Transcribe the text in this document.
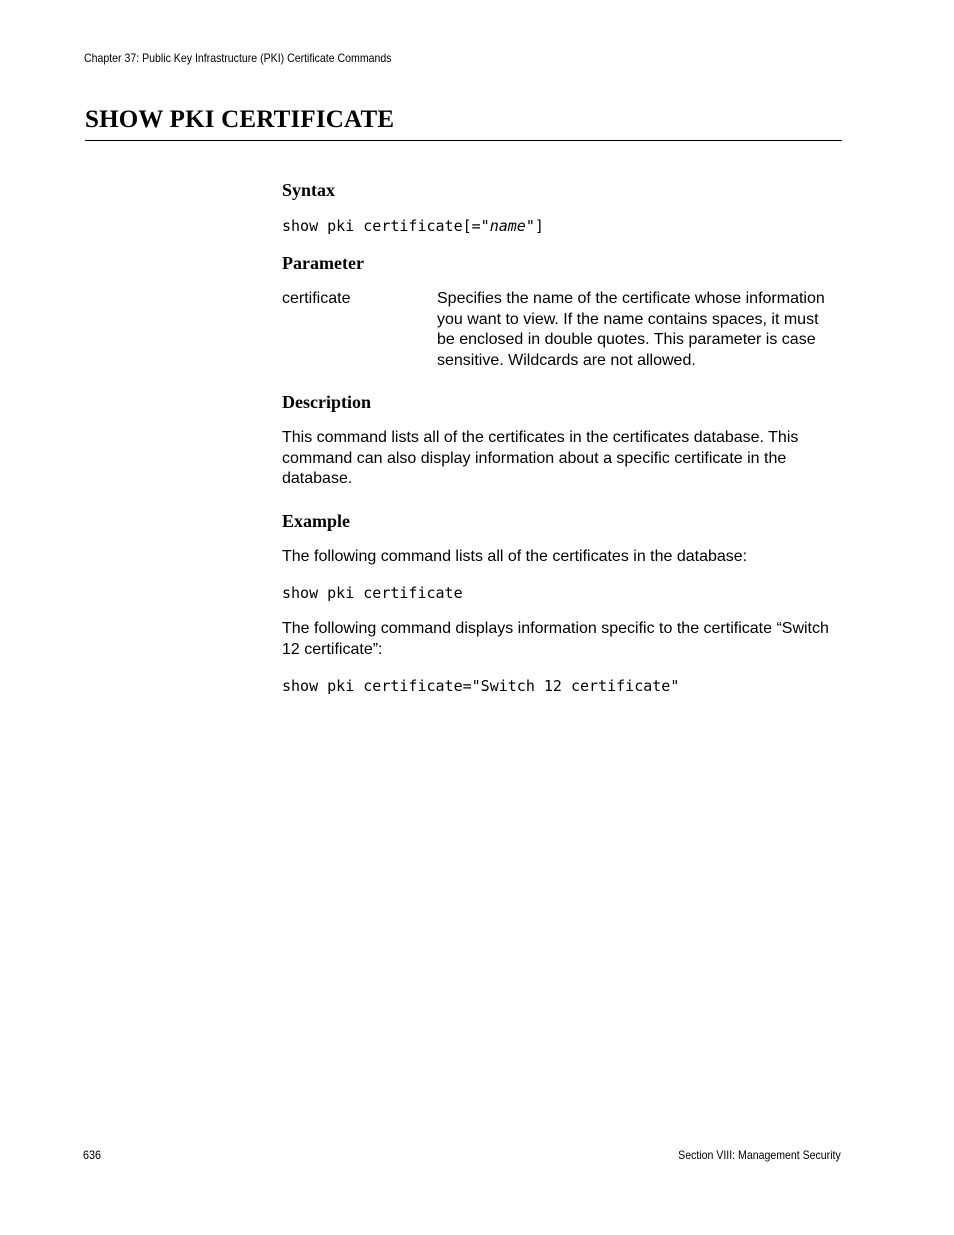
Chapter 37: Public Key Infrastructure (PKI) Certificate Commands
SHOW PKI CERTIFICATE
Syntax

show pki certificate[="name"]

Parameter
certificate	Specifies the name of the certificate whose information you want to view. If the name contains spaces, it must be enclosed in double quotes. This parameter is case sensitive. Wildcards are not allowed.
Description

This command lists all of the certificates in the certificates database. This command can also display information about a specific certificate in the database.

Example

The following command lists all of the certificates in the database:

show pki certificate

The following command displays information specific to the certificate “Switch 12 certificate”:

show pki certificate="Switch 12 certificate"

636	Section VIII: Management Security
